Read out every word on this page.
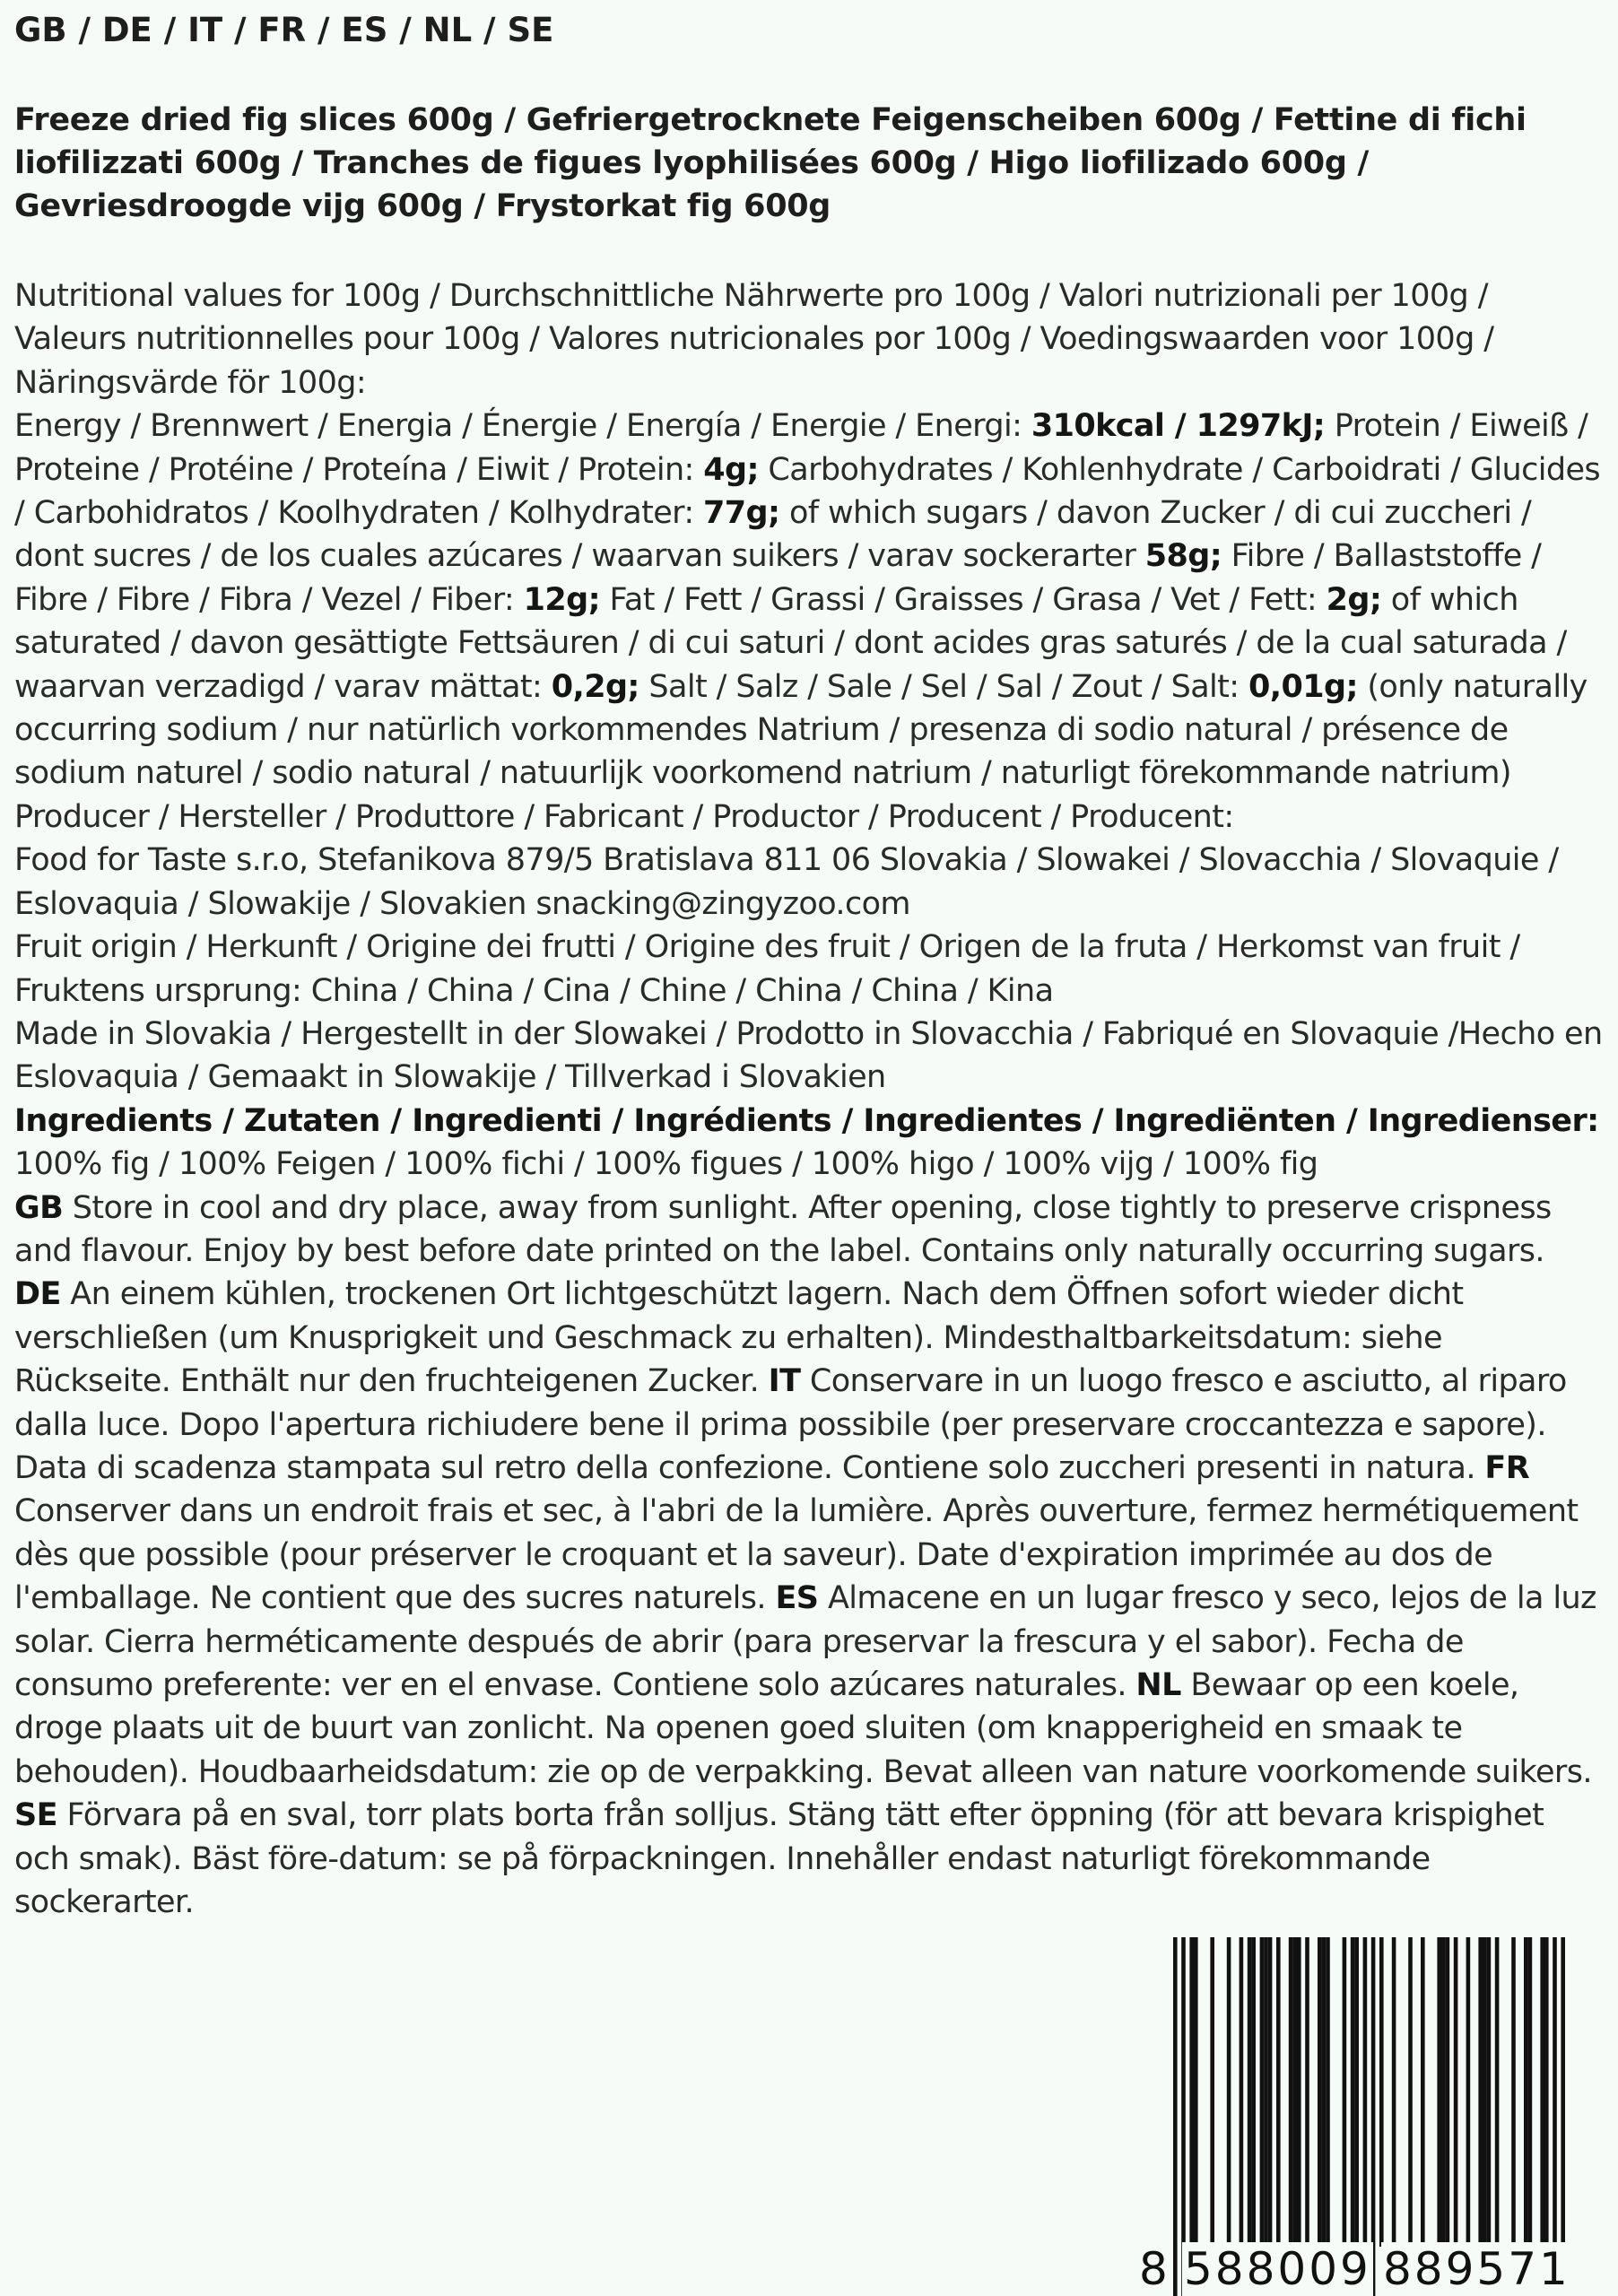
GB / DE / IT / FR / ES / NL / SE
Freeze dried fig slices 600g / Gefriergetrocknete Feigenscheiben 600g / Fettine di fichi liofilizzati 600g / Tranches de figues lyophilisées 600g / Higo liofilizado 600g / Gevriesdroogde vijg 600g / Frystorkat fig 600g

Nutritional values for 100g / Durchschnittliche Nährwerte pro 100g / Valori nutrizionali per 100g / Valeurs nutritionnelles pour 100g / Valores nutricionales por 100g / Voedingswaarden voor 100g / Näringsvärde för 100g:
Energy / Brennwert / Energia / Énergie / Energía / Energie / Energi: 310kcal / 1297kJ; Protein / Eiweiß / Proteine / Protéine / Proteína / Eiwit / Protein: 4g; Carbohydrates / Kohlenhydrate / Carboidrati / Glucides / Carbohidratos / Koolhydraten / Kolhydrater: 77g; of which sugars / davon Zucker / di cui zuccheri / dont sucres / de los cuales azúcares / waarvan suikers / varav sockerarter 58g; Fibre / Ballaststoffe / Fibre / Fibre / Fibra / Vezel / Fiber: 12g; Fat / Fett / Grassi / Graisses / Grasa / Vet / Fett: 2g; of which saturated / davon gesättigte Fettsäuren / di cui saturi / dont acides gras saturés / de la cual saturada / waarvan verzadigd / varav mättat: 0,2g; Salt / Salz / Sale / Sel / Sal / Zout / Salt: 0,01g; (only naturally occurring sodium / nur natürlich vorkommendes Natrium / presenza di sodio natural / présence de sodium naturel / sodio natural / natuurlijk voorkomend natrium / naturligt förekommande natrium)

Producer / Hersteller / Produttore / Fabricant / Productor / Producent / Producent:

Food for Taste s.r.o, Stefanikova 879/5 Bratislava 811 06 Slovakia / Slowakei / Slovacchia / Slovaquie / Eslovaquia / Slowakije / Slovakien snacking@zingyzoo.com

Fruit origin / Herkunft / Origine dei frutti / Origine des fruit / Origen de la fruta / Herkomst van fruit / Fruktens ursprung: China / China / Cina / Chine / China / China / Kina

Made in Slovakia / Hergestellt in der Slowakei / Prodotto in Slovacchia / Fabriqué en Slovaquie /Hecho en Eslovaquia / Gemaakt in Slowakije / Tillverkad i Slovakien

Ingredients / Zutaten / Ingredienti / Ingrédients / Ingredientes / Ingrediënten / Ingredienser:

100% fig / 100% Feigen / 100% fichi / 100% figues / 100% higo / 100% vijg / 100% fig

GB Store in cool and dry place, away from sunlight. After opening, close tightly to preserve crispness and flavour. Enjoy by best before date printed on the label. Contains only naturally occurring sugars.
DE An einem kühlen, trockenen Ort lichtgeschützt lagern. Nach dem Öffnen sofort wieder dicht verschließen (um Knusprigkeit und Geschmack zu erhalten). Mindesthaltbarkeitsdatum: siehe Rückseite. Enthält nur den fruchteigenen Zucker. IT Conservare in un luogo fresco e asciutto, al riparo dalla luce. Dopo l'apertura richiudere bene il prima possibile (per preservare croccantezza e sapore). Data di scadenza stampata sul retro della confezione. Contiene solo zuccheri presenti in natura. FR Conserver dans un endroit frais et sec, à l'abri de la lumière. Après ouverture, fermez hermétiquement dès que possible (pour préserver le croquant et la saveur). Date d'expiration imprimée au dos de l'emballage. Ne contient que des sucres naturels. ES Almacene en un lugar fresco y seco, lejos de la luz solar. Cierra herméticamente después de abrir (para preservar la frescura y el sabor). Fecha de consumo preferente: ver en el envase. Contiene solo azúcares naturales. NL Bewaar op een koele, droge plaats uit de buurt van zonlicht. Na openen goed sluiten (om knapperigheid en smaak te behouden). Houdbaarheidsdatum: zie op de verpakking. Bevat alleen van nature voorkomende suikers. SE Förvara på en sval, torr plats borta från solljus. Stäng tätt efter öppning (för att bevara krispighet och smak). Bäst före-datum: se på förpackningen. Innehåller endast naturligt förekommande sockerarter.

8 588009 889571
